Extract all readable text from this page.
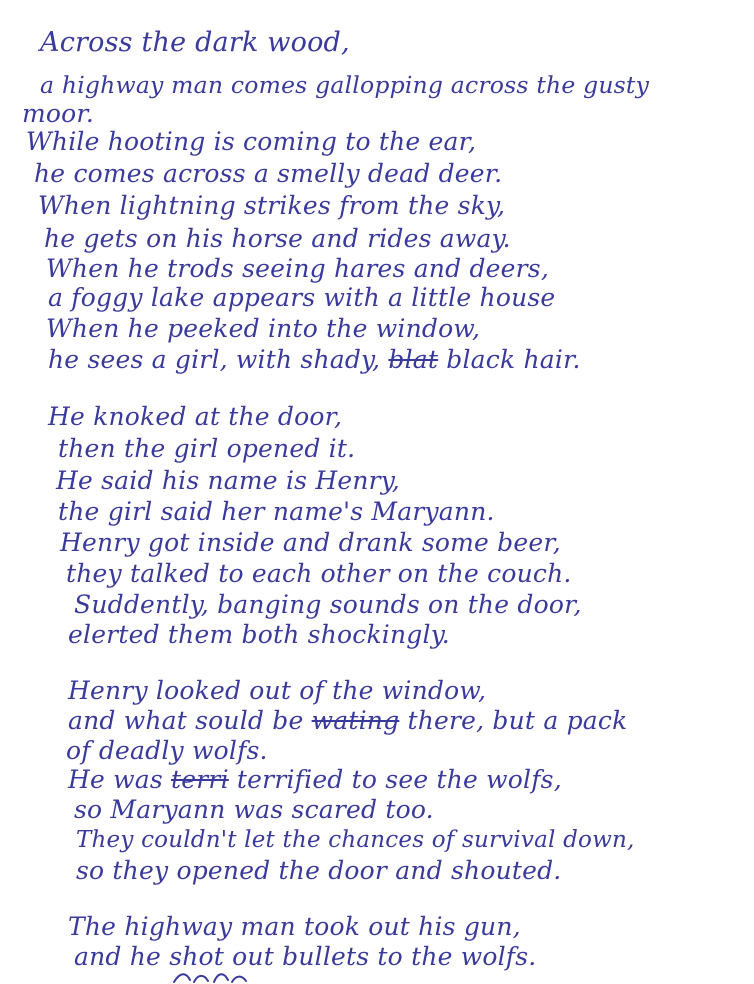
Across the dark wood,
a highway man comes gallopping across the gusty
moor.
While hooting is coming to the ear,
he comes across a smelly dead deer.
When lightning strikes from the sky,
he gets on his horse and rides away.
When he trods seeing hares and deers,
a foggy lake appears with a little house
When he peeked into the window,
he sees a girl, with shady, blat black hair.
He knoked at the door,
then the girl opened it.
He said his name is Henry,
the girl said her name's Maryann.
Henry got inside and drank some beer,
they talked to each other on the couch.
Suddently, banging sounds on the door,
elerted them both shockingly.
Henry looked out of the window,
and what sould be wating there, but a pack
of deadly wolfs.
He was terri terrified to see the wolfs,
so Maryann was scared too.
They couldn't let the chances of survival down,
so they opened the door and shouted.
The highway man took out his gun,
and he shot out bullets to the wolfs.
